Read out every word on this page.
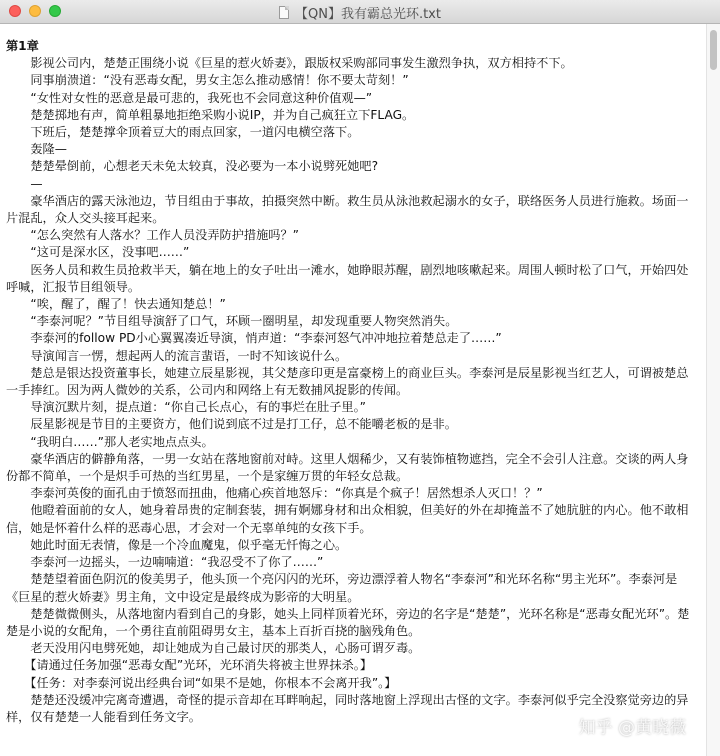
【QN】我有霸总光环.txt

第1章

　　影视公司内，楚楚正围绕小说《巨星的惹火娇妻》，跟版权采购部同事发生激烈争执，双方相持不下。

　　同事崩溃道：“没有恶毒女配，男女主怎么推动感情！你不要太苛刻！”

　　“女性对女性的恶意是最可悲的，我死也不会同意这种价值观—”

　　楚楚掷地有声，简单粗暴地拒绝采购小说IP，并为自己疯狂立下FLAG。

　　下班后，楚楚撑伞顶着豆大的雨点回家，一道闪电横空落下。

　　轰隆—

　　楚楚晕倒前，心想老天未免太较真，没必要为一本小说劈死她吧?

　　—

　　豪华酒店的露天泳池边，节目组由于事故，拍摄突然中断。救生员从泳池救起溺水的女子，联络医务人员进行施救。场面一片混乱，众人交头接耳起来。

　　“怎么突然有人落水？工作人员没弄防护措施吗？”

　　“这可是深水区，没事吧……”

　　医务人员和救生员抢救半天，躺在地上的女子吐出一滩水，她睁眼苏醒，剧烈地咳嗽起来。周围人顿时松了口气，开始四处呼喊，汇报节目组领导。

　　“唉，醒了，醒了！快去通知楚总！”

　　“李泰河呢？”节目组导演舒了口气，环顾一圈明星，却发现重要人物突然消失。

　　李泰河的follow PD小心翼翼凑近导演，悄声道：“李泰河怒气冲冲地拉着楚总走了……”

　　导演闻言一愣，想起两人的流言蜚语，一时不知该说什么。

　　楚总是银达投资董事长，她建立辰星影视，其父楚彦印更是富豪榜上的商业巨头。李泰河是辰星影视当红艺人，可谓被楚总一手捧红。因为两人微妙的关系，公司内和网络上有无数捕风捉影的传闻。

　　导演沉默片刻，提点道：“你自己长点心，有的事烂在肚子里。”

　　辰星影视是节目的主要资方，他们说到底不过是打工仔，总不能嚼老板的是非。

　　“我明白……”那人老实地点点头。

　　豪华酒店的僻静角落，一男一女站在落地窗前对峙。这里人烟稀少，又有装饰植物遮挡，完全不会引人注意。交谈的两人身份都不简单，一个是炽手可热的当红男星，一个是家缠万贯的年轻女总裁。

　　李泰河英俊的面孔由于愤怒而扭曲，他痛心疾首地怒斥：“你真是个疯子！居然想杀人灭口！？”

　　他瞪着面前的女人，她身着昂贵的定制套装，拥有婀娜身材和出众相貌，但美好的外在却掩盖不了她肮脏的内心。他不敢相信，她是怀着什么样的恶毒心思，才会对一个无辜单纯的女孩下手。

　　她此时面无表情，像是一个冷血魔鬼，似乎毫无忏悔之心。

　　李泰河一边摇头，一边喃喃道：“我忍受不了你了……”

　　楚楚望着面色阴沉的俊美男子，他头顶一个亮闪闪的光环，旁边漂浮着人物名“李泰河”和光环名称“男主光环”。李泰河是《巨星的惹火娇妻》男主角，文中设定是最终成为影帝的大明星。

　　楚楚微微侧头，从落地窗内看到自己的身影，她头上同样顶着光环，旁边的名字是“楚楚”，光环名称是“恶毒女配光环”。楚楚是小说的女配角，一个勇往直前阻碍男女主，基本上百折百挠的脑残角色。

　　老天没用闪电劈死她，却让她成为自己最讨厌的那类人，心肠可谓歹毒。

　　【请通过任务加强“恶毒女配”光环，光环消失将被主世界抹杀。】

　　【任务：对李泰河说出经典台词“如果不是她，你根本不会离开我”。】

　　楚楚还没缓冲完离奇遭遇，奇怪的提示音却在耳畔响起，同时落地窗上浮现出古怪的文字。李泰河似乎完全没察觉旁边的异样，仅有楚楚一人能看到任务文字。

知乎 @黄晓薇
